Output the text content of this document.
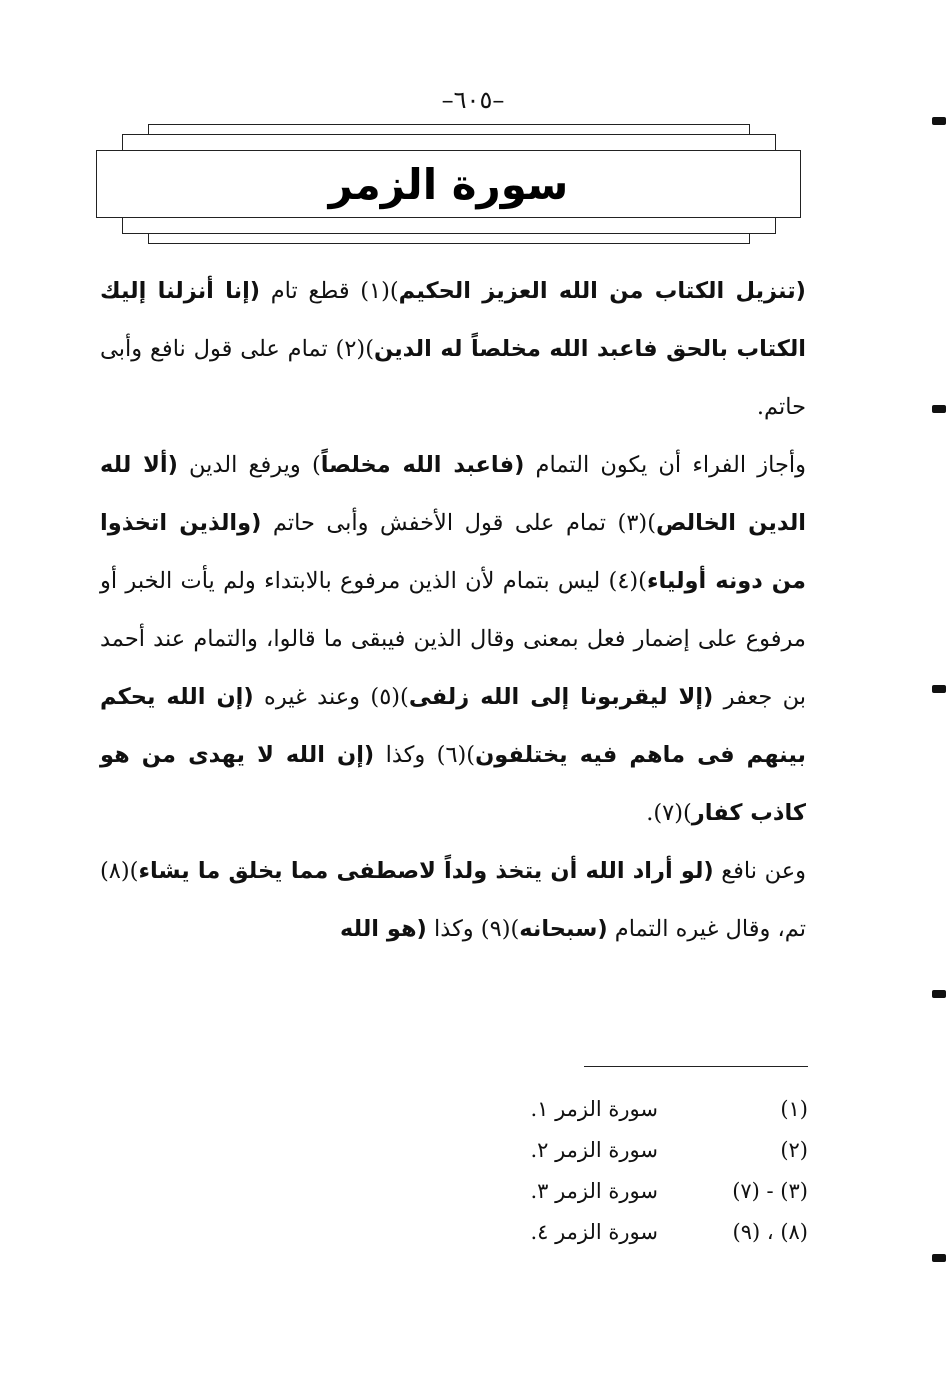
–٦٠٥–
سورة الزمر

(تنزيل الكتاب من الله العزيز الحكيم)(١) قطع تام (إنا أنزلنا إليك الكتاب بالحق فاعبد الله مخلصاً له الدين)(٢) تمام على قول نافع وأبى حاتم.

وأجاز الفراء أن يكون التمام (فاعبد الله مخلصاً) ويرفع الدين (ألا لله الدين الخالص)(٣) تمام على قول الأخفش وأبى حاتم (والذين اتخذوا من دونه أولياء)(٤) ليس بتمام لأن الذين مرفوع بالابتداء ولم يأت الخبر أو مرفوع على إضمار فعل بمعنى وقال الذين فيبقى ما قالوا، والتمام عند أحمد بن جعفر (إلا ليقربونا إلى الله زلفى)(٥) وعند غيره (إن الله يحكم بينهم فى ماهم فيه يختلفون)(٦) وكذا (إن الله لا يهدى من هو كاذب كفار)(٧).

وعن نافع (لو أراد الله أن يتخذ ولداً لاصطفى مما يخلق ما يشاء)(٨) تم، وقال غيره التمام (سبحانه)(٩) وكذا (هو الله

(١)
سورة الزمر ١.
(٢)
سورة الزمر ٢.
(٣) - (٧)
سورة الزمر ٣.
(٨) ، (٩)
سورة الزمر ٤.
